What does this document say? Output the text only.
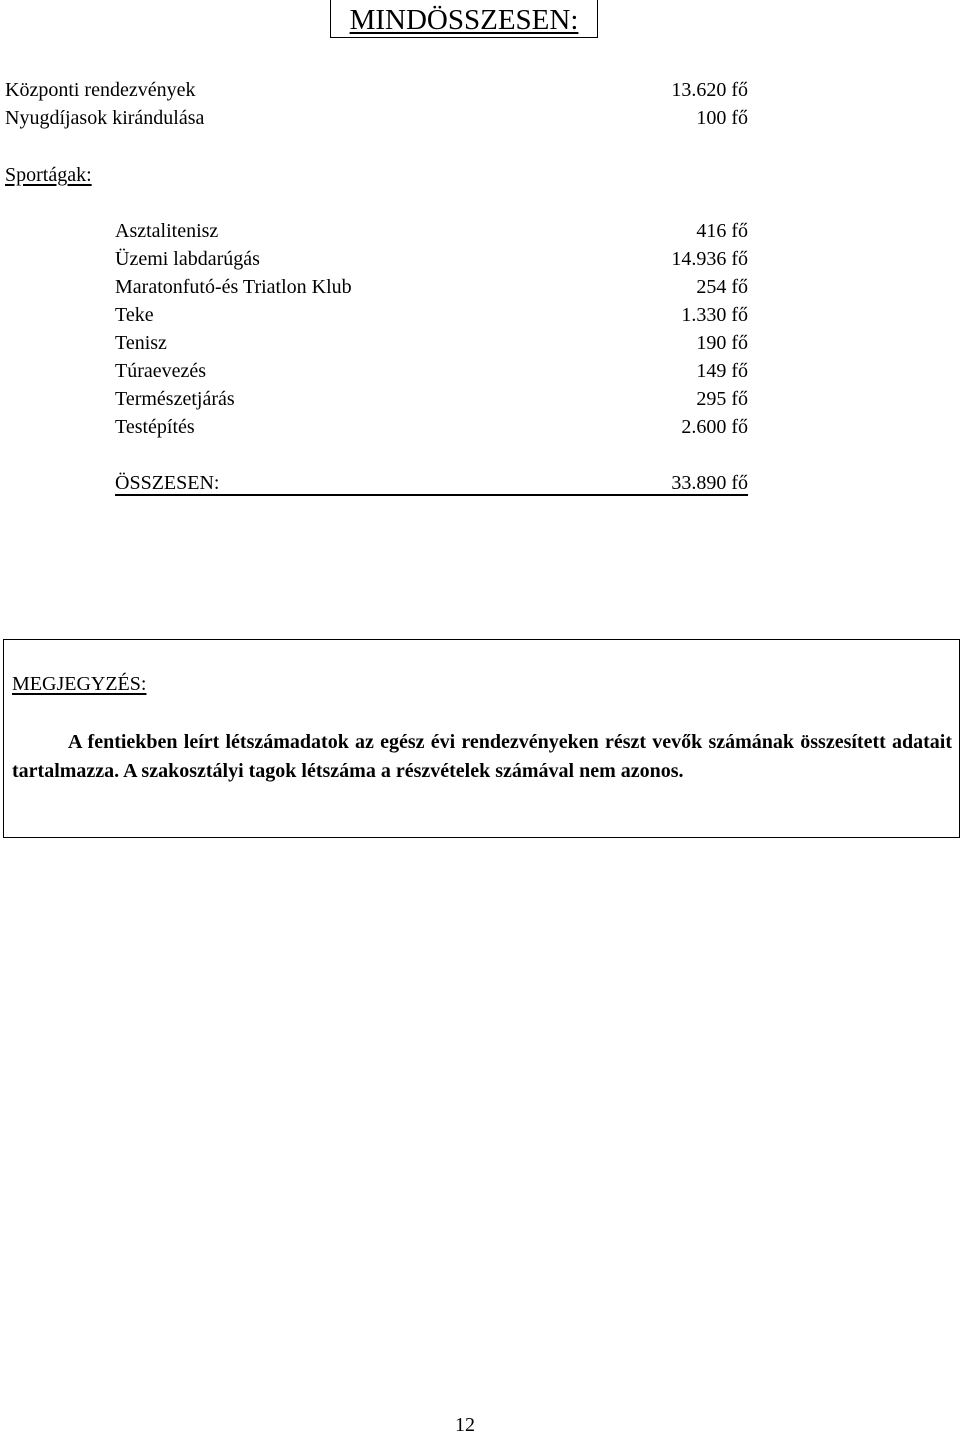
MINDÖSSZESEN:
Központi rendezvények	13.620 fő
Nyugdíjasok kirándulása	100 fő
Sportágak:
Asztalitenisz	416 fő
Üzemi labdarúgás	14.936 fő
Maratonfutó-és Triatlon Klub	254 fő
Teke	1.330 fő
Tenisz	190 fő
Túraevezés	149 fő
Természetjárás	295 fő
Testépítés	2.600 fő
ÖSSZESEN:	33.890 fő
MEGJEGYZÉS:
A fentiekben leírt létszámadatok az egész évi rendezvényeken részt vevők számának összesített adatait tartalmazza. A szakosztályi tagok létszáma a részvételek számával nem azonos.
12
